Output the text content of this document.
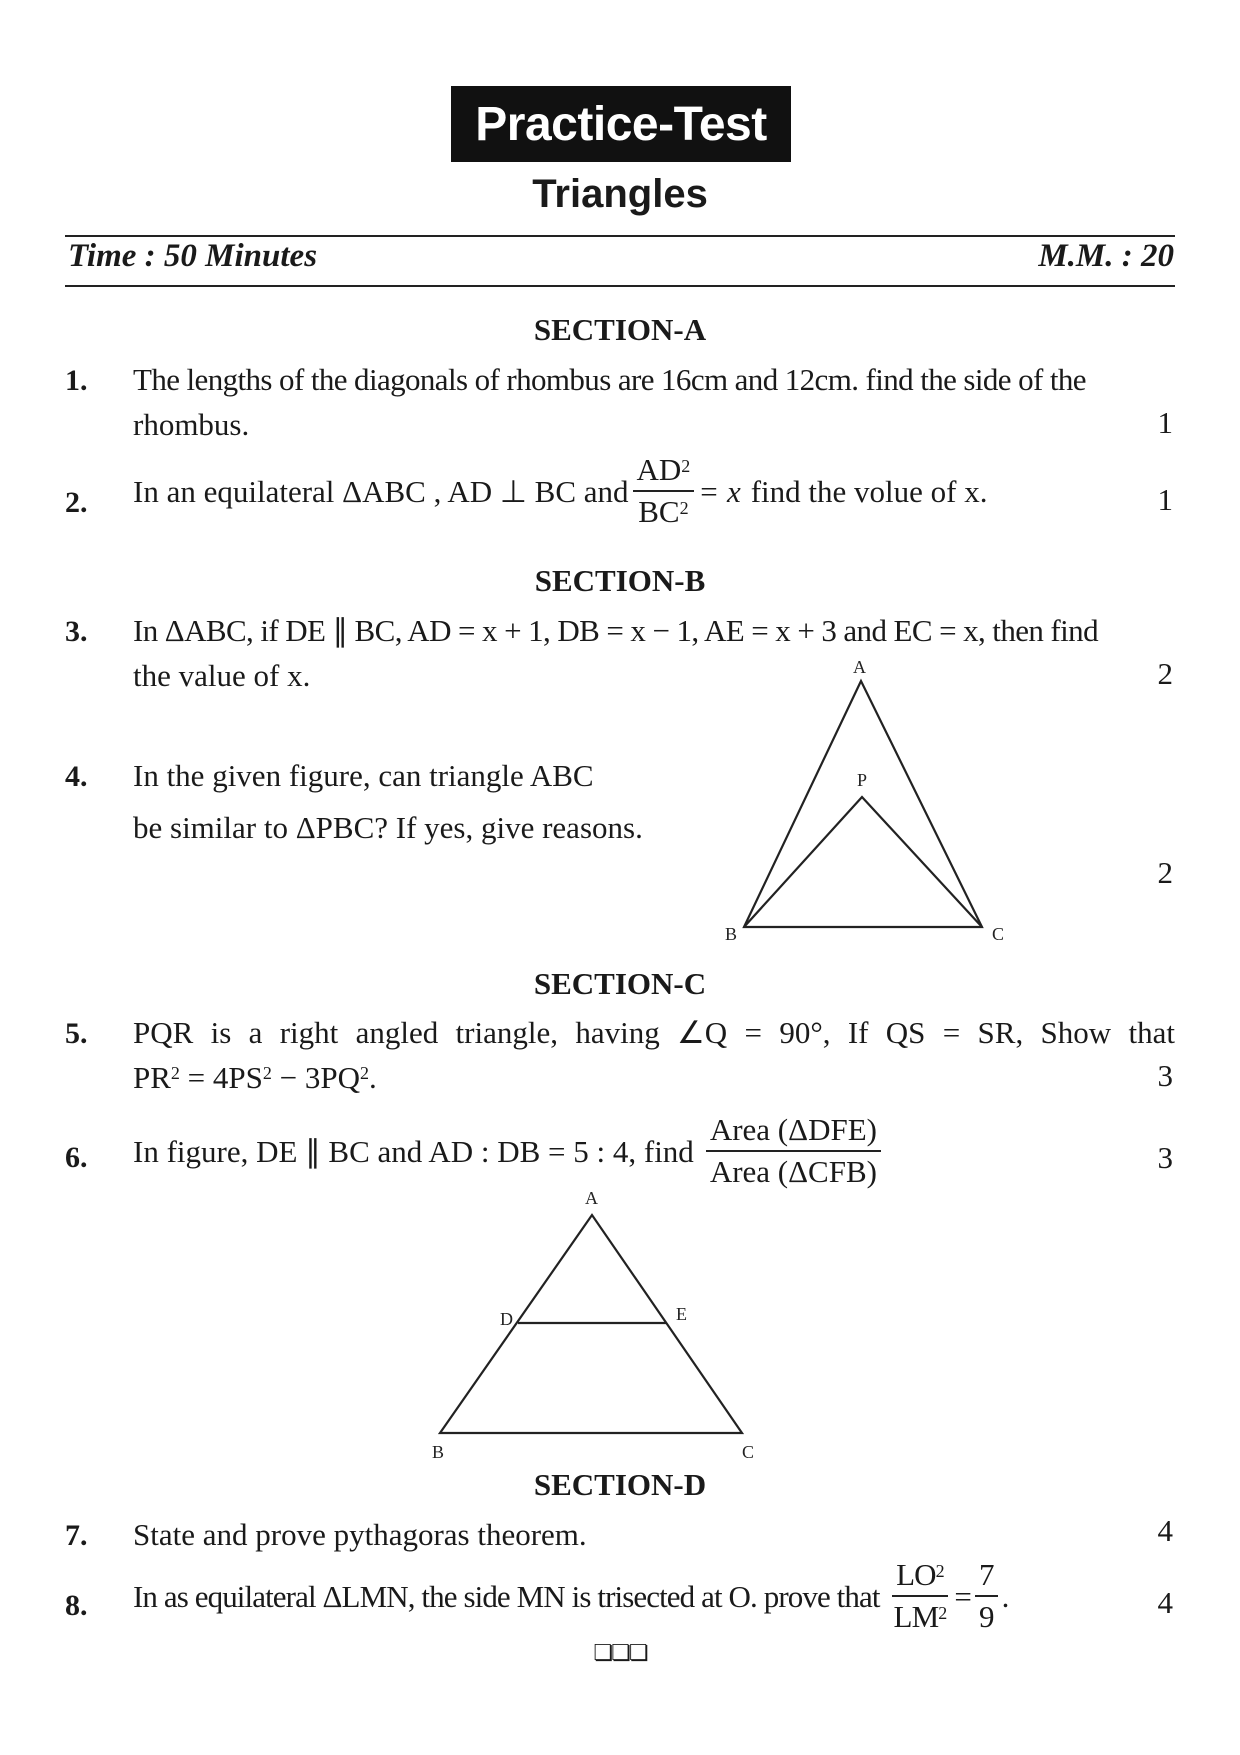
Practice-Test
Triangles
Time : 50 Minutes	M.M. : 20
SECTION-A
1. The lengths of the diagonals of rhombus are 16cm and 12cm. find the side of the
rhombus.	1
2. In an equilateral ΔABC , AD ⊥ BC and $\frac{AD^2}{BC^2} = x$ find the volue of x.	1
SECTION-B
3. In ΔABC, if DE ∥ BC, AD = x + 1, DB = x − 1, AE = x + 3 and EC = x, then find
the value of x.	2
4. In the given figure, can triangle ABC
be similar to ΔPBC? If yes, give reasons.
2
A
P
B	C
SECTION-C
5. PQR is a right angled triangle, having ∠Q = 90°, If QS = SR, Show that
$PR^2 = 4PS^2 - 3PQ^2$.	3
6. In figure, DE ∥ BC and AD : DB = 5 : 4, find $\frac{\text{Area (ΔDFE)}}{\text{Area (ΔCFB)}}$	3
A
D	E
B	C
SECTION-D
7. State and prove pythagoras theorem.	4
8. In as equilateral ΔLMN, the side MN is trisected at O. prove that $\frac{LO^2}{LM^2} = \frac{7}{9}$ .	4
❏❏❏
